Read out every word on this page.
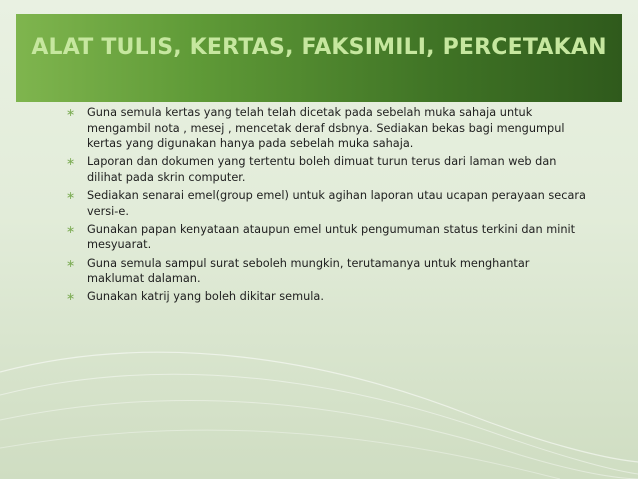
ALAT TULIS, KERTAS, FAKSIMILI, PERCETAKAN
∗	Guna semula kertas yang telah telah dicetak pada sebelah muka sahaja untuk mengambil nota , mesej , mencetak deraf dsbnya. Sediakan bekas bagi mengumpul kertas yang digunakan hanya pada sebelah muka sahaja.
∗	Laporan dan dokumen yang tertentu boleh dimuat turun terus dari laman web dan dilihat pada skrin computer.
∗	Sediakan senarai emel(group emel) untuk agihan laporan utau ucapan perayaan secara versi-e.
∗	Gunakan papan kenyataan ataupun emel untuk pengumuman status terkini dan minit mesyuarat.
∗	Guna semula sampul surat seboleh mungkin, terutamanya untuk menghantar maklumat dalaman.
∗	Gunakan katrij yang boleh dikitar semula.
